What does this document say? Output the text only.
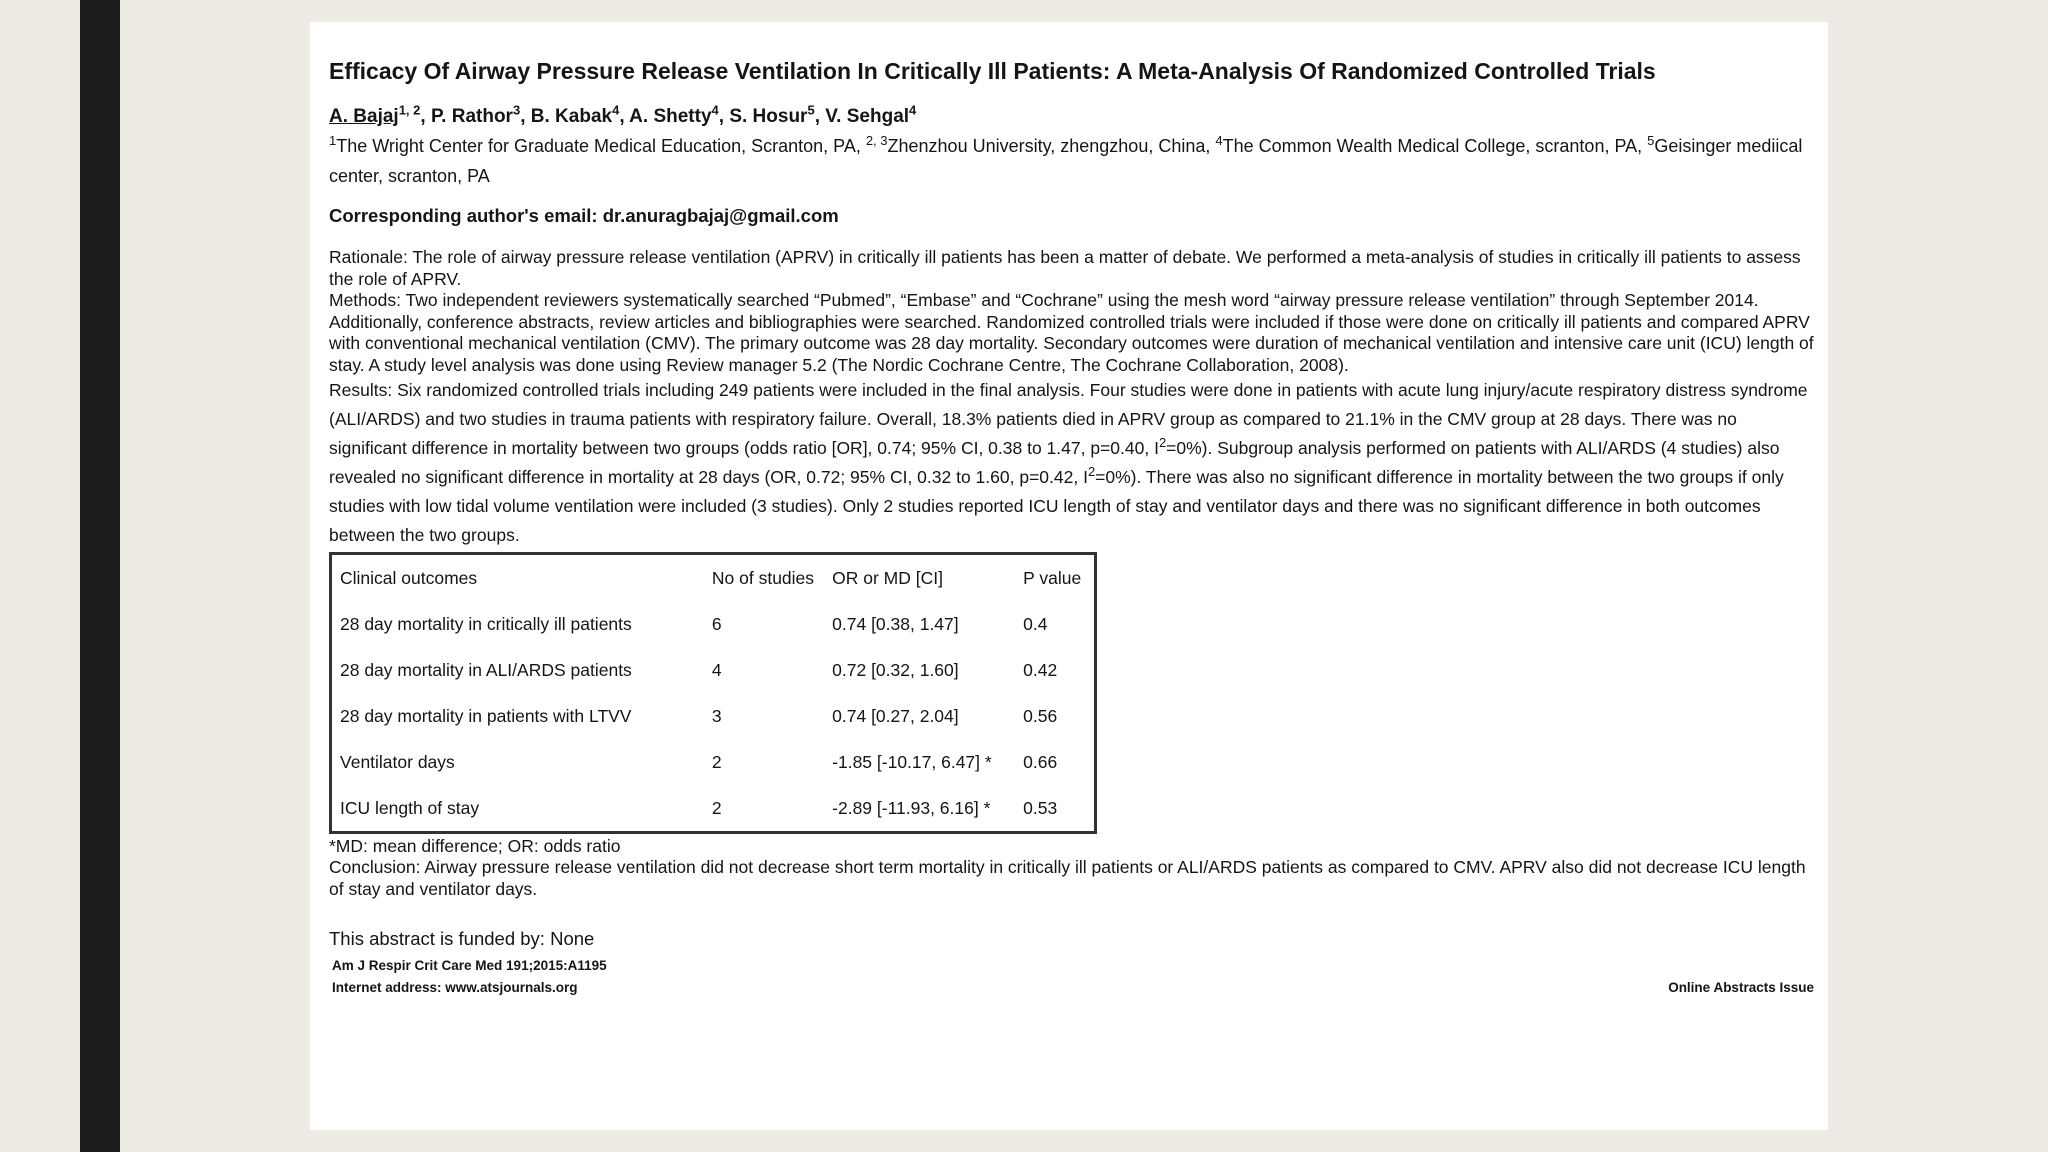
Efficacy Of Airway Pressure Release Ventilation In Critically Ill Patients: A Meta-Analysis Of Randomized Controlled Trials
A. Bajaj$^{1, 2}$, P. Rathor$^3$, B. Kabak$^4$, A. Shetty$^4$, S. Hosur$^5$, V. Sehgal$^4$
$^1$The Wright Center for Graduate Medical Education, Scranton, PA, $^{2, 3}$Zhenzhou University, zhengzhou, China, $^4$The Common Wealth Medical College, scranton, PA, $^5$Geisinger mediical center, scranton, PA
Corresponding author's email: dr.anuragbajaj@gmail.com

Rationale: The role of airway pressure release ventilation (APRV) in critically ill patients has been a matter of debate. We performed a meta-analysis of studies in critically ill patients to assess the role of APRV.

Methods: Two independent reviewers systematically searched “Pubmed”, “Embase” and “Cochrane” using the mesh word “airway pressure release ventilation” through September 2014. Additionally, conference abstracts, review articles and bibliographies were searched. Randomized controlled trials were included if those were done on critically ill patients and compared APRV with conventional mechanical ventilation (CMV). The primary outcome was 28 day mortality. Secondary outcomes were duration of mechanical ventilation and intensive care unit (ICU) length of stay. A study level analysis was done using Review manager 5.2 (The Nordic Cochrane Centre, The Cochrane Collaboration, 2008).

Results: Six randomized controlled trials including 249 patients were included in the final analysis. Four studies were done in patients with acute lung injury/acute respiratory distress syndrome (ALI/ARDS) and two studies in trauma patients with respiratory failure. Overall, 18.3% patients died in APRV group as compared to 21.1% in the CMV group at 28 days. There was no significant difference in mortality between two groups (odds ratio [OR], 0.74; 95% CI, 0.38 to 1.47, p=0.40, $I^2=0\%$). Subgroup analysis performed on patients with ALI/ARDS (4 studies) also revealed no significant difference in mortality at 28 days (OR, 0.72; 95% CI, 0.32 to 1.60, p=0.42, $I^2=0\%$). There was also no significant difference in mortality between the two groups if only studies with low tidal volume ventilation were included (3 studies). Only 2 studies reported ICU length of stay and ventilator days and there was no significant difference in both outcomes between the two groups.

Clinical outcomes	No of studies	OR or MD [CI]	P value
28 day mortality in critically ill patients	6	0.74 [0.38, 1.47]	0.4
28 day mortality in ALI/ARDS patients	4	0.72 [0.32, 1.60]	0.42
28 day mortality in patients with LTVV	3	0.74 [0.27, 2.04]	0.56
Ventilator days	2	-1.85 [-10.17, 6.47] *	0.66
ICU length of stay	2	-2.89 [-11.93, 6.16] *	0.53
*MD: mean difference; OR: odds ratio

Conclusion: Airway pressure release ventilation did not decrease short term mortality in critically ill patients or ALI/ARDS patients as compared to CMV. APRV also did not decrease ICU length of stay and ventilator days.

This abstract is funded by: None
Am J Respir Crit Care Med 191;2015:A1195
Internet address: www.atsjournals.org	Online Abstracts Issue
